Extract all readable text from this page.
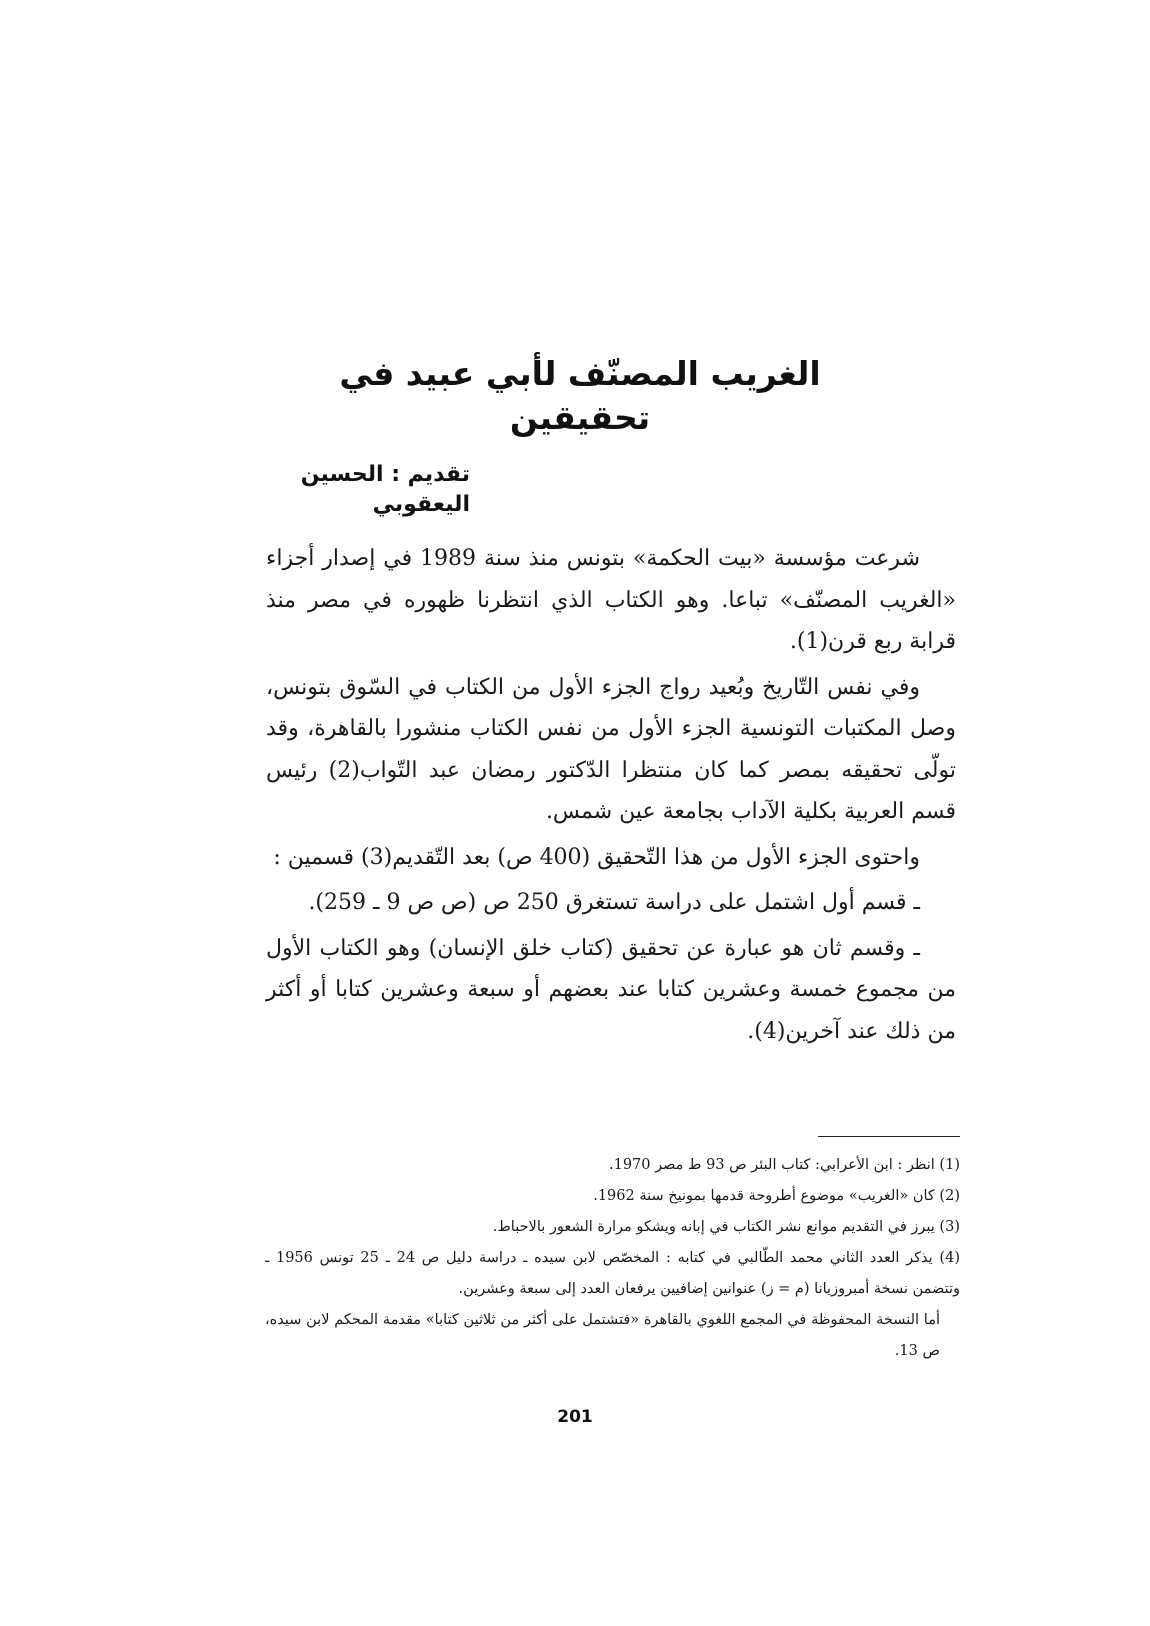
الغريب المصنّف لأبي عبيد في تحقيقين
تقديم : الحسين اليعقوبي

شرعت مؤسسة «بيت الحكمة» بتونس منذ سنة 1989 في إصدار أجزاء «الغريب المصنّف» تباعا. وهو الكتاب الذي انتظرنا ظهوره في مصر منذ قرابة ربع قرن(1).

وفي نفس التّاريخ وبُعيد رواج الجزء الأول من الكتاب في السّوق بتونس، وصل المكتبات التونسية الجزء الأول من نفس الكتاب منشورا بالقاهرة، وقد تولّى تحقيقه بمصر كما كان منتظرا الدّكتور رمضان عبد التّواب(2) رئيس قسم العربية بكلية الآداب بجامعة عين شمس.

واحتوى الجزء الأول من هذا التّحقيق (400 ص) بعد التّقديم(3) قسمين :

ـ قسم أول اشتمل على دراسة تستغرق 250 ص (ص ص 9 ـ 259).

ـ وقسم ثان هو عبارة عن تحقيق (كتاب خلق الإنسان) وهو الكتاب الأول من مجموع خمسة وعشرين كتابا عند بعضهم أو سبعة وعشرين كتابا أو أكثر من ذلك عند آخرين(4).

(1) انظر : ابن الأعرابي: كتاب البئر ص 93 ط مصر 1970.

(2) كان «الغريب» موضوع أطروحة قدمها بمونيخ سنة 1962.

(3) يبرز في التقديم موانع نشر الكتاب في إبانه ويشكو مرارة الشعور بالاحباط.

(4) يذكر العدد الثاني محمد الطّالبي في كتابه : المخصّص لابن سيده ـ دراسة دليل ص 24 ـ 25 تونس 1956 ـ وتتضمن نسخة أمبروزيانا (م = ز) عنوانين إضافيين يرفعان العدد إلى سبعة وعشرين.

أما النسخة المحفوظة في المجمع اللغوي بالقاهرة «فتشتمل على أكثر من ثلاثين كتابا» مقدمة المحكم لابن سيده، ص 13.

201
